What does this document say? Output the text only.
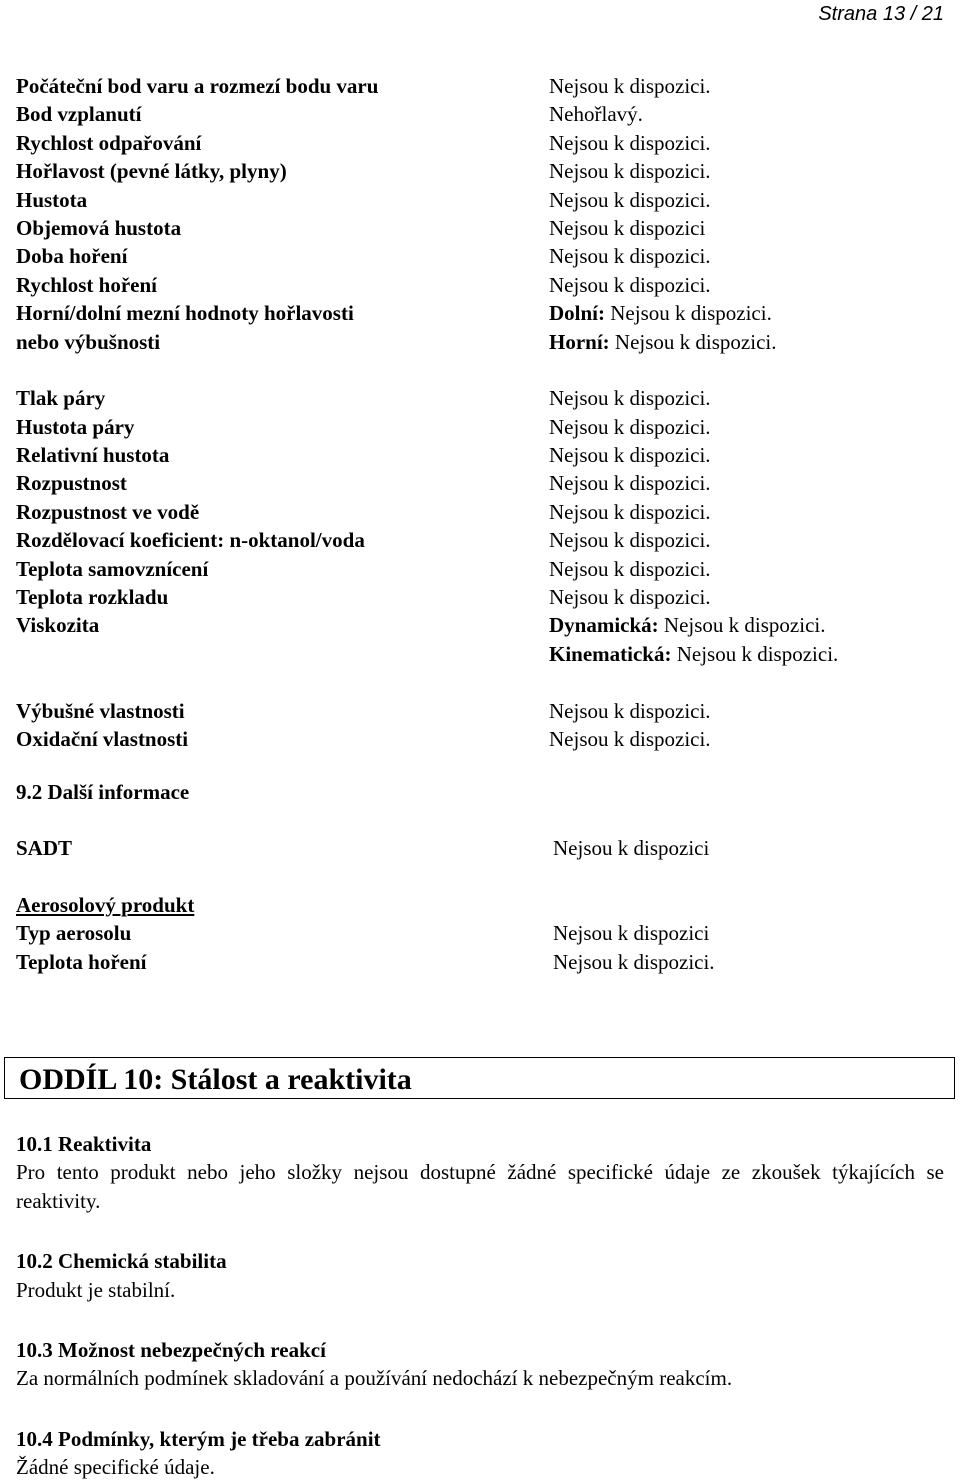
Strana 13 / 21
Počáteční bod varu a rozmezí bodu varu	Nejsou k dispozici.
Bod vzplanutí	Nehořlavý.
Rychlost odpařování	Nejsou k dispozici.
Hořlavost (pevné látky, plyny)	Nejsou k dispozici.
Hustota	Nejsou k dispozici.
Objemová hustota	Nejsou k dispozici
Doba hoření	Nejsou k dispozici.
Rychlost hoření	Nejsou k dispozici.
Horní/dolní mezní hodnoty hořlavosti	Dolní: Nejsou k dispozici.
nebo výbušnosti	Horní: Nejsou k dispozici.
Tlak páry	Nejsou k dispozici.
Hustota páry	Nejsou k dispozici.
Relativní hustota	Nejsou k dispozici.
Rozpustnost	Nejsou k dispozici.
Rozpustnost ve vodě	Nejsou k dispozici.
Rozdělovací koeficient: n-oktanol/voda	Nejsou k dispozici.
Teplota samovznícení	Nejsou k dispozici.
Teplota rozkladu	Nejsou k dispozici.
Viskozita	Dynamická: Nejsou k dispozici.
Kinematická: Nejsou k dispozici.
Výbušné vlastnosti	Nejsou k dispozici.
Oxidační vlastnosti	Nejsou k dispozici.
9.2 Další informace
SADT	Nejsou k dispozici
Aerosolový produkt
Typ aerosolu	Nejsou k dispozici
Teplota hoření	Nejsou k dispozici.
ODDÍL 10: Stálost a reaktivita
10.1 Reaktivita

Pro tento produkt nebo jeho složky nejsou dostupné žádné specifické údaje ze zkoušek týkajících se reaktivity.

10.2 Chemická stabilita

Produkt je stabilní.

10.3 Možnost nebezpečných reakcí

Za normálních podmínek skladování a používání nedochází k nebezpečným reakcím.

10.4 Podmínky, kterým je třeba zabránit

Žádné specifické údaje.
